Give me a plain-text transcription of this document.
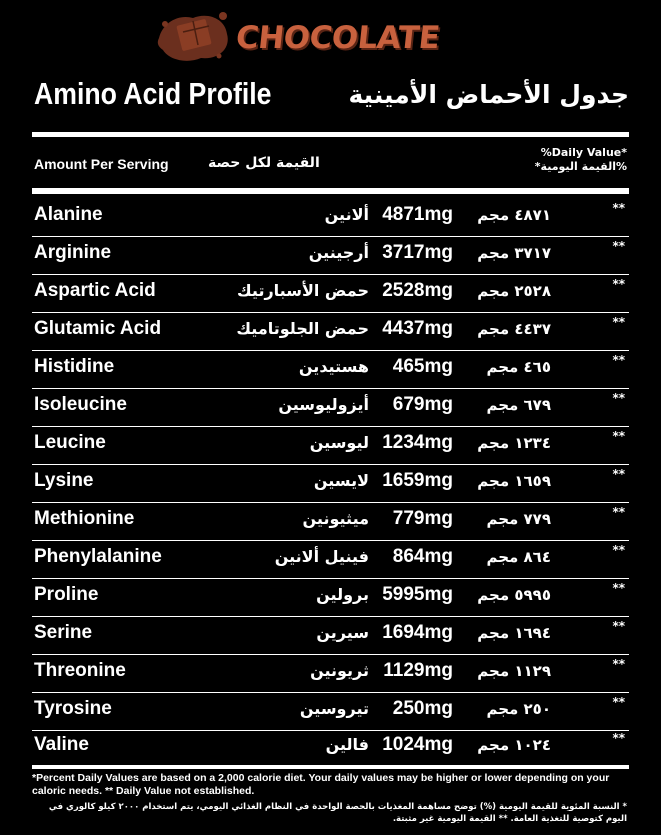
CHOCOLATE
Amino Acid Profile	جدول الأحماض الأمينية
Amount Per Serving	القيمة لكل حصة
%Daily Value*
%القيمة اليومية*
Alanine	ألانين 4871mg ٤٨٧١ مجم	**
Arginine	أرجينين 3717mg ٣٧١٧ مجم	**
Aspartic Acid	حمض الأسبارتيك 2528mg ٢٥٢٨ مجم	**
Glutamic Acid	حمض الجلوتاميك 4437mg ٤٤٣٧ مجم	**
Histidine	هستيدين 465mg ٤٦٥ مجم	**
Isoleucine	أيزوليوسين 679mg ٦٧٩ مجم	**
Leucine	ليوسين 1234mg ١٢٣٤ مجم	**
Lysine	لايسين 1659mg ١٦٥٩ مجم	**
Methionine	ميثيونين 779mg ٧٧٩ مجم	**
Phenylalanine	فينيل ألانين 864mg ٨٦٤ مجم	**
Proline	برولين 5995mg ٥٩٩٥ مجم	**
Serine	سيرين 1694mg ١٦٩٤ مجم	**
Threonine	ثريونين 1129mg ١١٢٩ مجم	**
Tyrosine	تيروسين 250mg ٢٥٠ مجم	**
Valine	فالين 1024mg ١٠٢٤ مجم	**
*Percent Daily Values are based on a 2,000 calorie diet. Your daily values may be higher or lower depending on your caloric needs. ** Daily Value not established.
* النسبة المئوية للقيمة اليومية (%) توضح مساهمة المغذيات بالحصة الواحدة في النظام الغذائي اليومي، يتم استخدام ٢٠٠٠ كيلو كالوري في اليوم كتوصية للتغذية العامة. ** القيمة اليومية غير مثبتة.
